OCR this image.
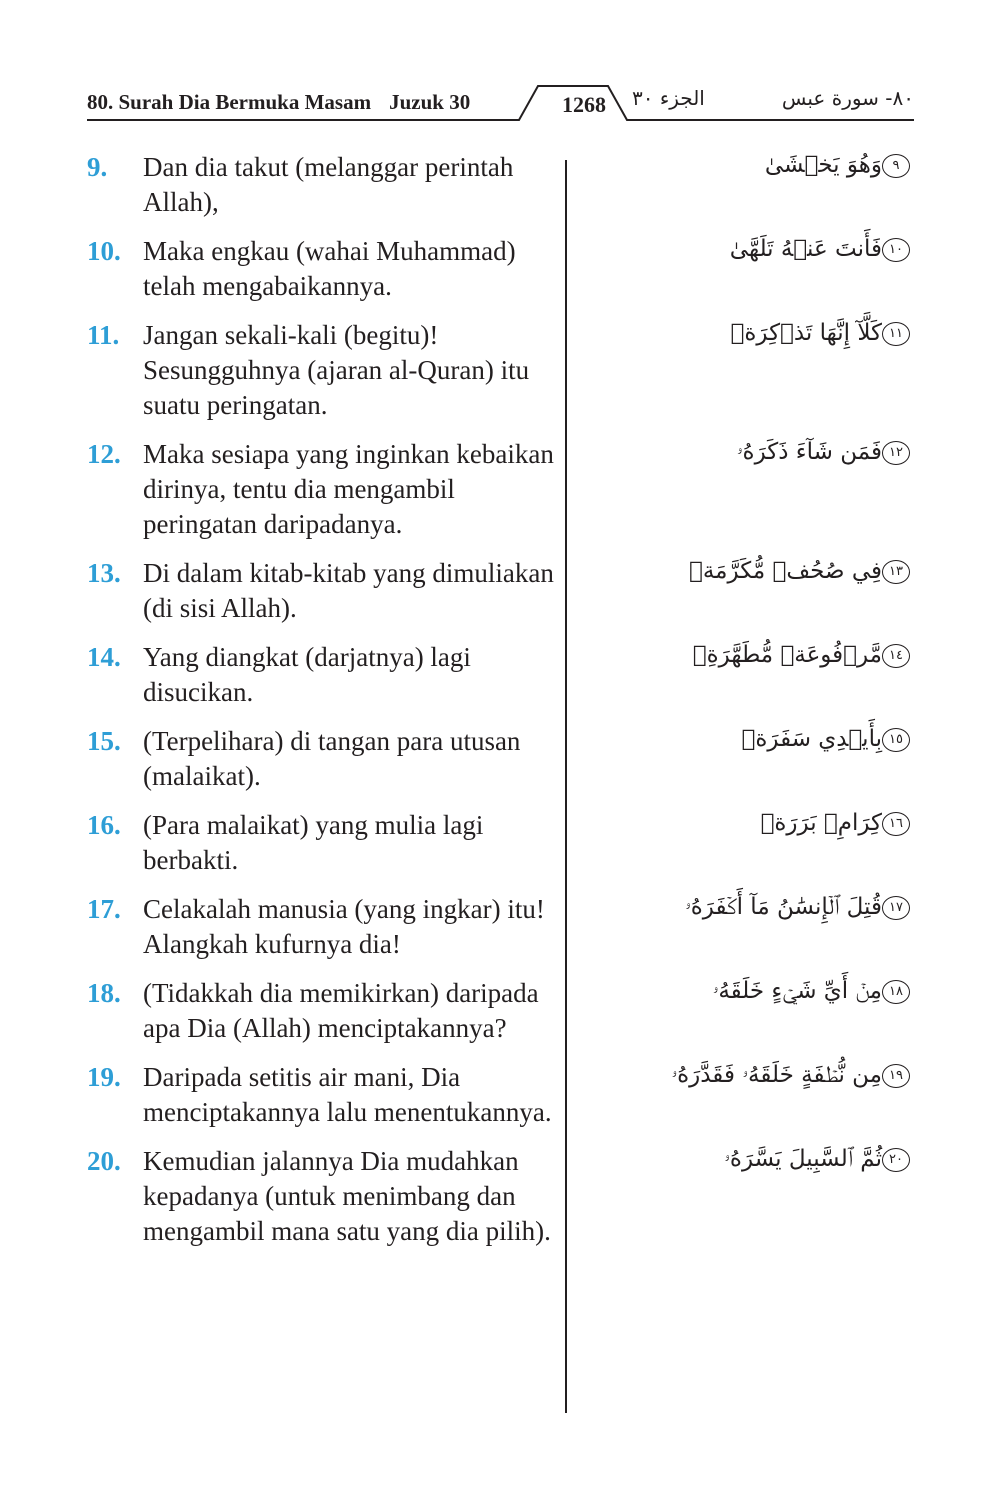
80. Surah Dia Bermuka Masam Juzuk 30	1268	الجزء ٣٠	٨٠- سورة عبس
9. Dan dia takut (melanggar perintah Allah),
٩وَهُوَ يَخۡشَىٰ
10. Maka engkau (wahai Muhammad) telah mengabaikannya.
١٠فَأَنتَ عَنۡهُ تَلَهَّىٰ
11. Jangan sekali-kali (begitu)! Sesungguhnya (ajaran al-Quran) itu suatu peringatan.
١١كَلَّآ إِنَّهَا تَذۡكِرَةٞ
12. Maka sesiapa yang inginkan kebaikan dirinya, tentu dia mengambil peringatan daripadanya.
١٢فَمَن شَآءَ ذَكَرَهُۥ
13. Di dalam kitab-kitab yang dimuliakan (di sisi Allah).
١٣فِي صُحُفٖ مُّكَرَّمَةٖ
14. Yang diangkat (darjatnya) lagi disucikan.
١٤مَّرۡفُوعَةٖ مُّطَهَّرَةِۭ
15. (Terpelihara) di tangan para utusan (malaikat).
١٥بِأَيۡدِي سَفَرَةٖ
16. (Para malaikat) yang mulia lagi berbakti.
١٦كِرَامِۭ بَرَرَةٖ
17. Celakalah manusia (yang ingkar) itu! Alangkah kufurnya dia!
١٧قُتِلَ ٱلۡإِنسَٰنُ مَآ أَكۡفَرَهُۥ
18. (Tidakkah dia memikirkan) daripada apa Dia (Allah) menciptakannya?
١٨مِنۡ أَيِّ شَيۡءٍ خَلَقَهُۥ
19. Daripada setitis air mani, Dia menciptakannya lalu menentukannya.
١٩مِن نُّطۡفَةٍ خَلَقَهُۥ فَقَدَّرَهُۥ
20. Kemudian jalannya Dia mudahkan kepadanya (untuk menimbang dan mengambil mana satu yang dia pilih).
٢٠ثُمَّ ٱلسَّبِيلَ يَسَّرَهُۥ
